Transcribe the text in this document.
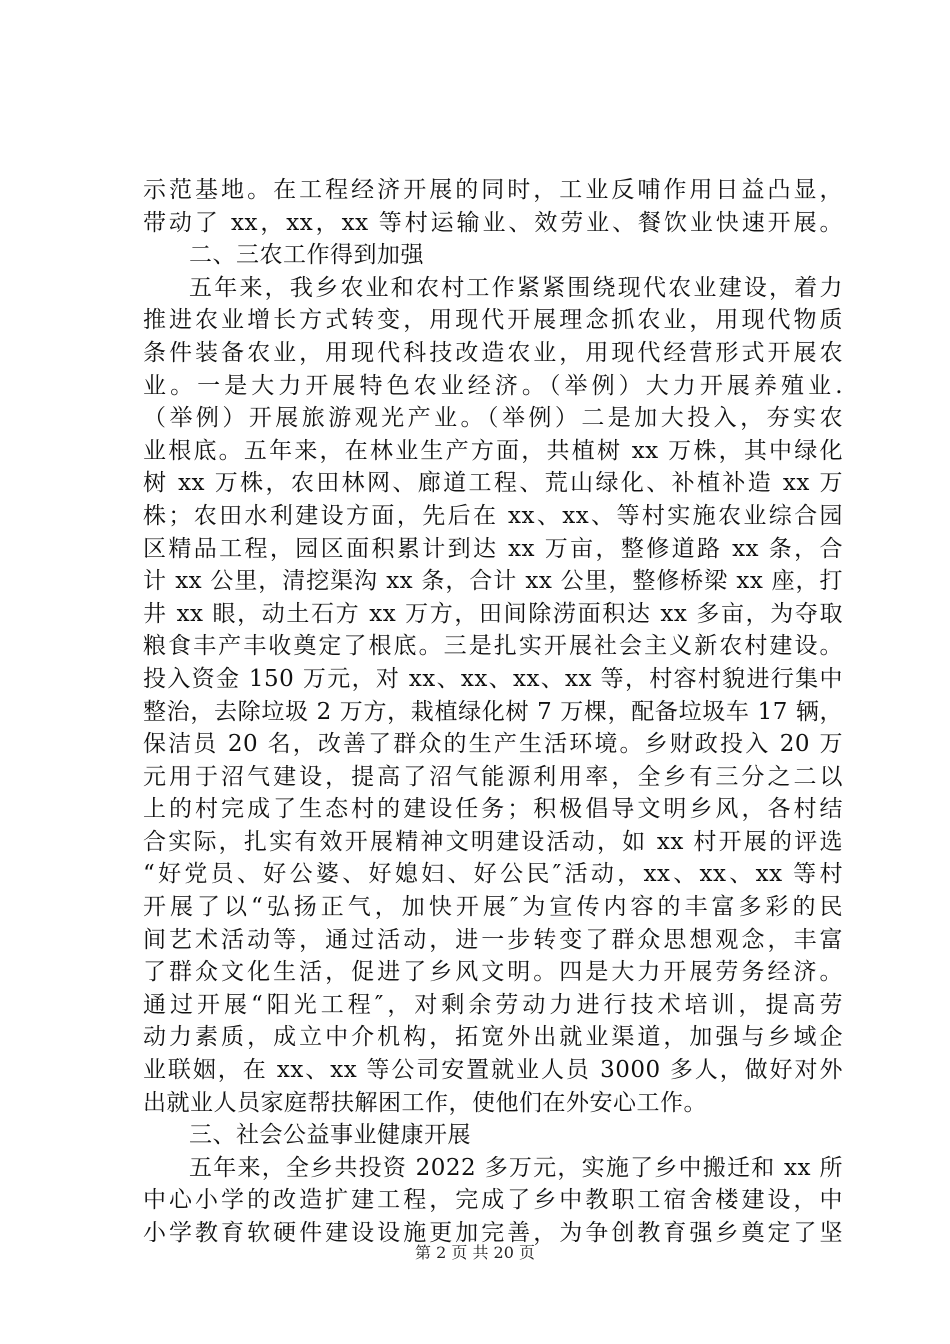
示范基地。在工程经济开展的同时，工业反哺作用日益凸显，
带动了 xx，xx，xx 等村运输业、效劳业、餐饮业快速开展。
二、三农工作得到加强
五年来，我乡农业和农村工作紧紧围绕现代农业建设，着力
推进农业增长方式转变，用现代开展理念抓农业，用现代物质
条件装备农业，用现代科技改造农业，用现代经营形式开展农
业。一是大力开展特色农业经济。（举例）大力开展养殖业.
（举例）开展旅游观光产业。（举例）二是加大投入，夯实农
业根底。五年来，在林业生产方面，共植树 xx 万株，其中绿化
树 xx 万株，农田林网、廊道工程、荒山绿化、补植补造 xx 万
株；农田水利建设方面，先后在 xx、xx、等村实施农业综合园
区精品工程，园区面积累计到达 xx 万亩，整修道路 xx 条，合
计 xx 公里，清挖渠沟 xx 条，合计 xx 公里，整修桥梁 xx 座，打
井 xx 眼，动土石方 xx 万方，田间除涝面积达 xx 多亩，为夺取
粮食丰产丰收奠定了根底。三是扎实开展社会主义新农村建设。
投入资金 150 万元，对 xx、xx、xx、xx 等，村容村貌进行集中
整治，去除垃圾 2 万方，栽植绿化树 7 万棵，配备垃圾车 17 辆，
保洁员 20 名，改善了群众的生产生活环境。乡财政投入 20 万
元用于沼气建设，提高了沼气能源利用率，全乡有三分之二以
上的村完成了生态村的建设任务；积极倡导文明乡风，各村结
合实际，扎实有效开展精神文明建设活动，如 xx 村开展的评选
“好党员、好公婆、好媳妇、好公民″活动，xx、xx、xx 等村
开展了以“弘扬正气，加快开展″为宣传内容的丰富多彩的民
间艺术活动等，通过活动，进一步转变了群众思想观念，丰富
了群众文化生活，促进了乡风文明。四是大力开展劳务经济。
通过开展“阳光工程″，对剩余劳动力进行技术培训，提高劳
动力素质，成立中介机构，拓宽外出就业渠道，加强与乡域企
业联姻，在 xx、xx 等公司安置就业人员 3000 多人，做好对外
出就业人员家庭帮扶解困工作，使他们在外安心工作。
三、社会公益事业健康开展
五年来，全乡共投资 2022 多万元，实施了乡中搬迁和 xx 所
中心小学的改造扩建工程，完成了乡中教职工宿舍楼建设，中
小学教育软硬件建设设施更加完善，为争创教育强乡奠定了坚
第 2 页 共 20 页
